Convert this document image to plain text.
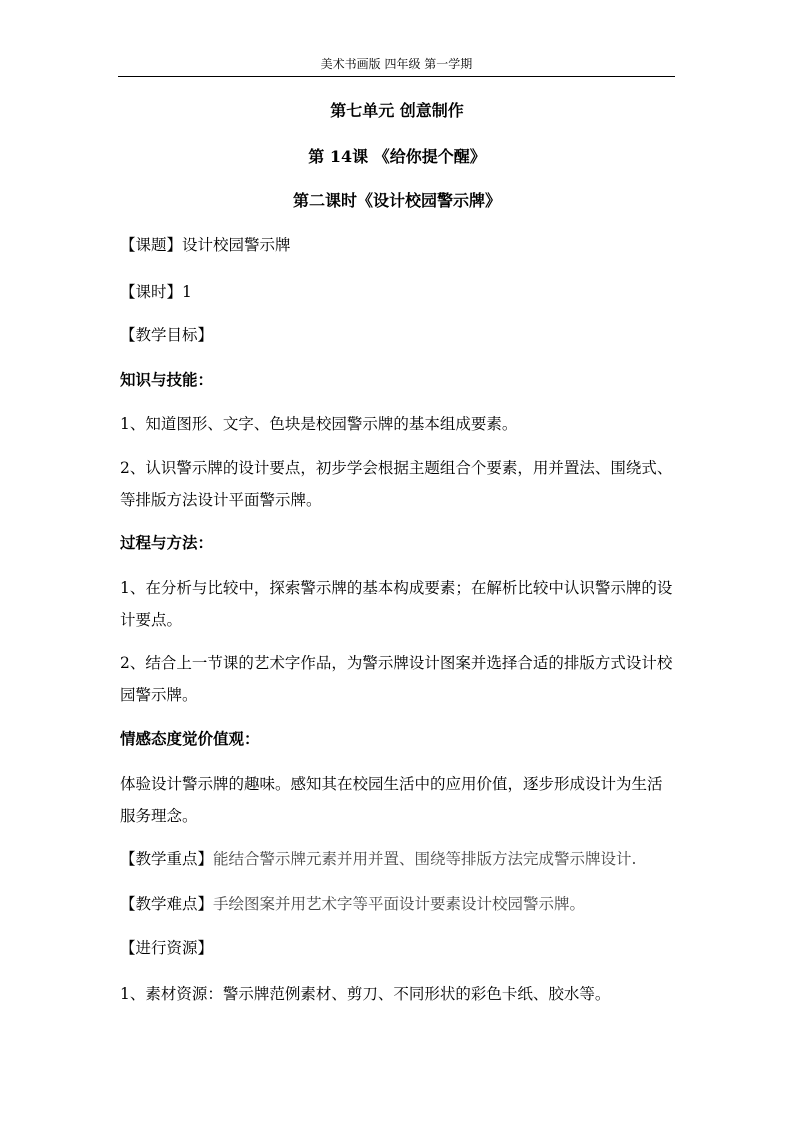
美术书画版 四年级 第一学期
第七单元 创意制作
第 14课 《给你提个醒》
第二课时《设计校园警示牌》

【课题】设计校园警示牌

【课时】1

【教学目标】

知识与技能：

1、知道图形、文字、色块是校园警示牌的基本组成要素。

2、认识警示牌的设计要点，初步学会根据主题组合个要素，用并置法、围绕式、等排版方法设计平面警示牌。

过程与方法：

1、在分析与比较中，探索警示牌的基本构成要素；在解析比较中认识警示牌的设计要点。

2、结合上一节课的艺术字作品，为警示牌设计图案并选择合适的排版方式设计校园警示牌。

情感态度觉价值观：

体验设计警示牌的趣味。感知其在校园生活中的应用价值，逐步形成设计为生活服务理念。

【教学重点】能结合警示牌元素并用并置、围绕等排版方法完成警示牌设计.

【教学难点】手绘图案并用艺术字等平面设计要素设计校园警示牌。

【进行资源】

1、素材资源：警示牌范例素材、剪刀、不同形状的彩色卡纸、胶水等。
